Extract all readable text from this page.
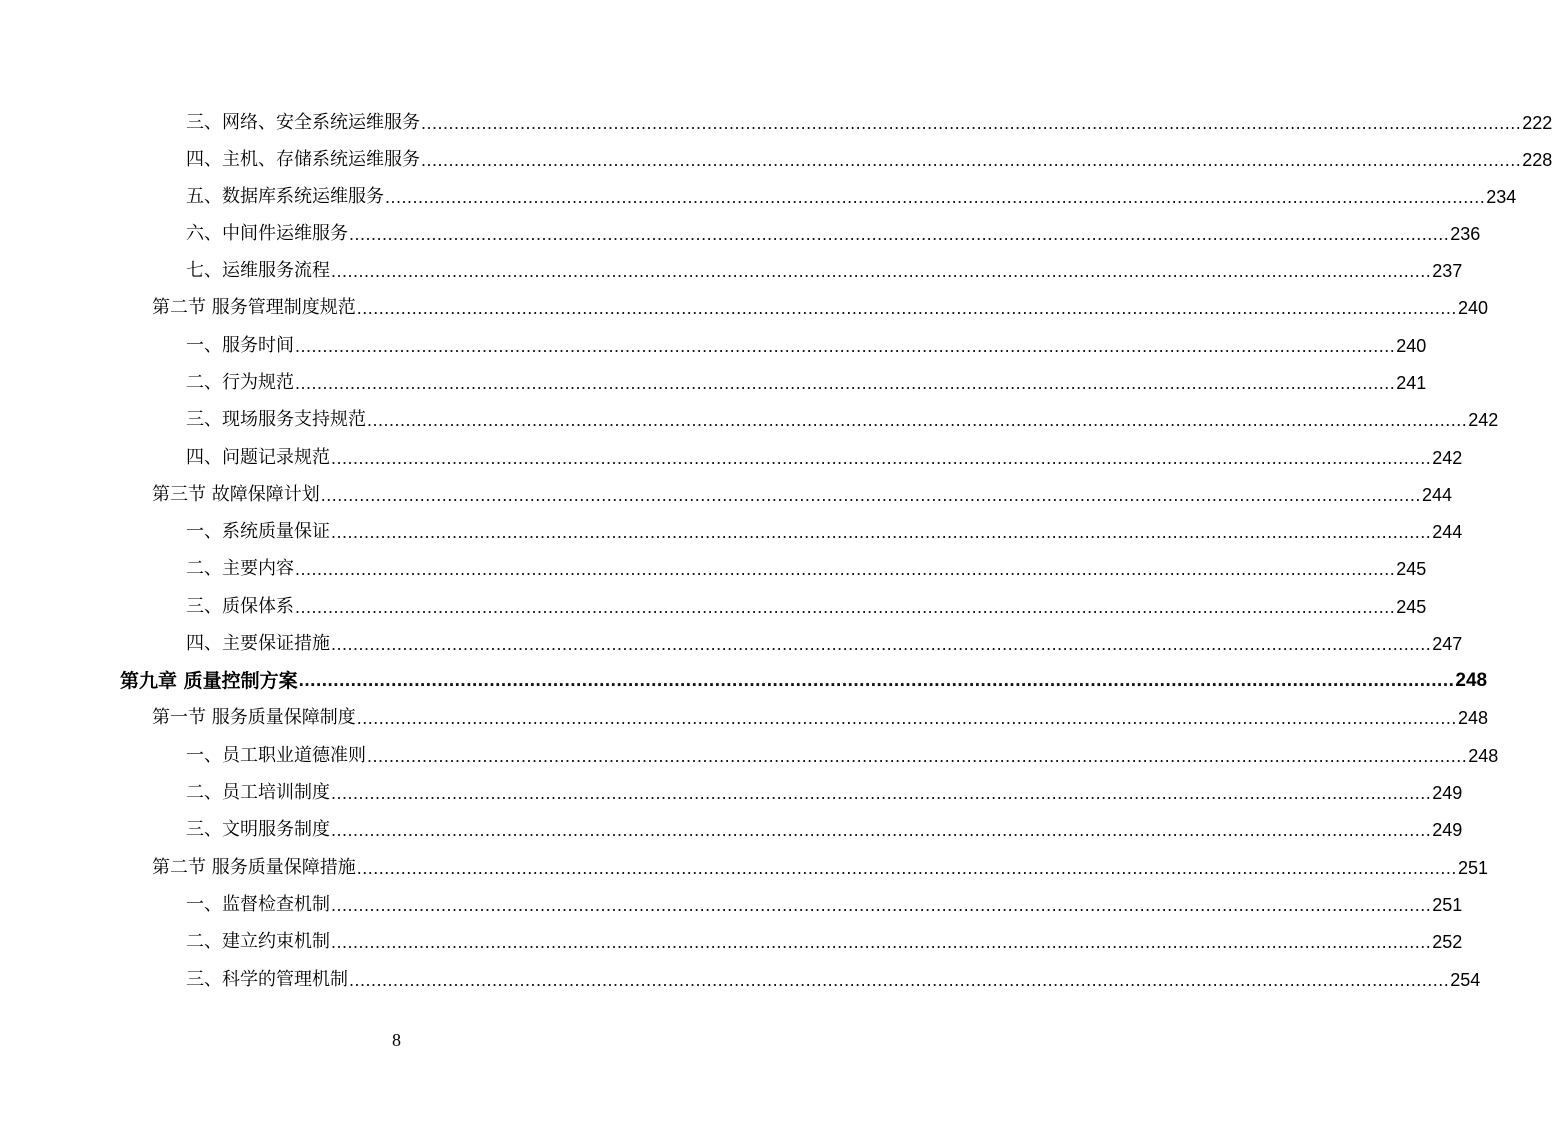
三、网络、安全系统运维服务 ........................................................................................................................................................................................................ 222
四、主机、存储系统运维服务 ........................................................................................................................................................................................................ 228
五、数据库系统运维服务 ........................................................................................................................................................................................................ 234
六、中间件运维服务 ........................................................................................................................................................................................................ 236
七、运维服务流程 ........................................................................................................................................................................................................ 237
第二节 服务管理制度规范 ........................................................................................................................................................................................................ 240
一、服务时间 ........................................................................................................................................................................................................ 240
二、行为规范 ........................................................................................................................................................................................................ 241
三、现场服务支持规范 ........................................................................................................................................................................................................ 242
四、问题记录规范 ........................................................................................................................................................................................................ 242
第三节 故障保障计划 ........................................................................................................................................................................................................ 244
一、系统质量保证 ........................................................................................................................................................................................................ 244
二、主要内容 ........................................................................................................................................................................................................ 245
三、质保体系 ........................................................................................................................................................................................................ 245
四、主要保证措施 ........................................................................................................................................................................................................ 247
第九章 质量控制方案 ........................................................................................................................................................................................................ 248
第一节 服务质量保障制度 ........................................................................................................................................................................................................ 248
一、员工职业道德准则 ........................................................................................................................................................................................................ 248
二、员工培训制度 ........................................................................................................................................................................................................ 249
三、文明服务制度 ........................................................................................................................................................................................................ 249
第二节 服务质量保障措施 ........................................................................................................................................................................................................ 251
一、监督检查机制 ........................................................................................................................................................................................................ 251
二、建立约束机制 ........................................................................................................................................................................................................ 252
三、科学的管理机制 ........................................................................................................................................................................................................ 254
8
